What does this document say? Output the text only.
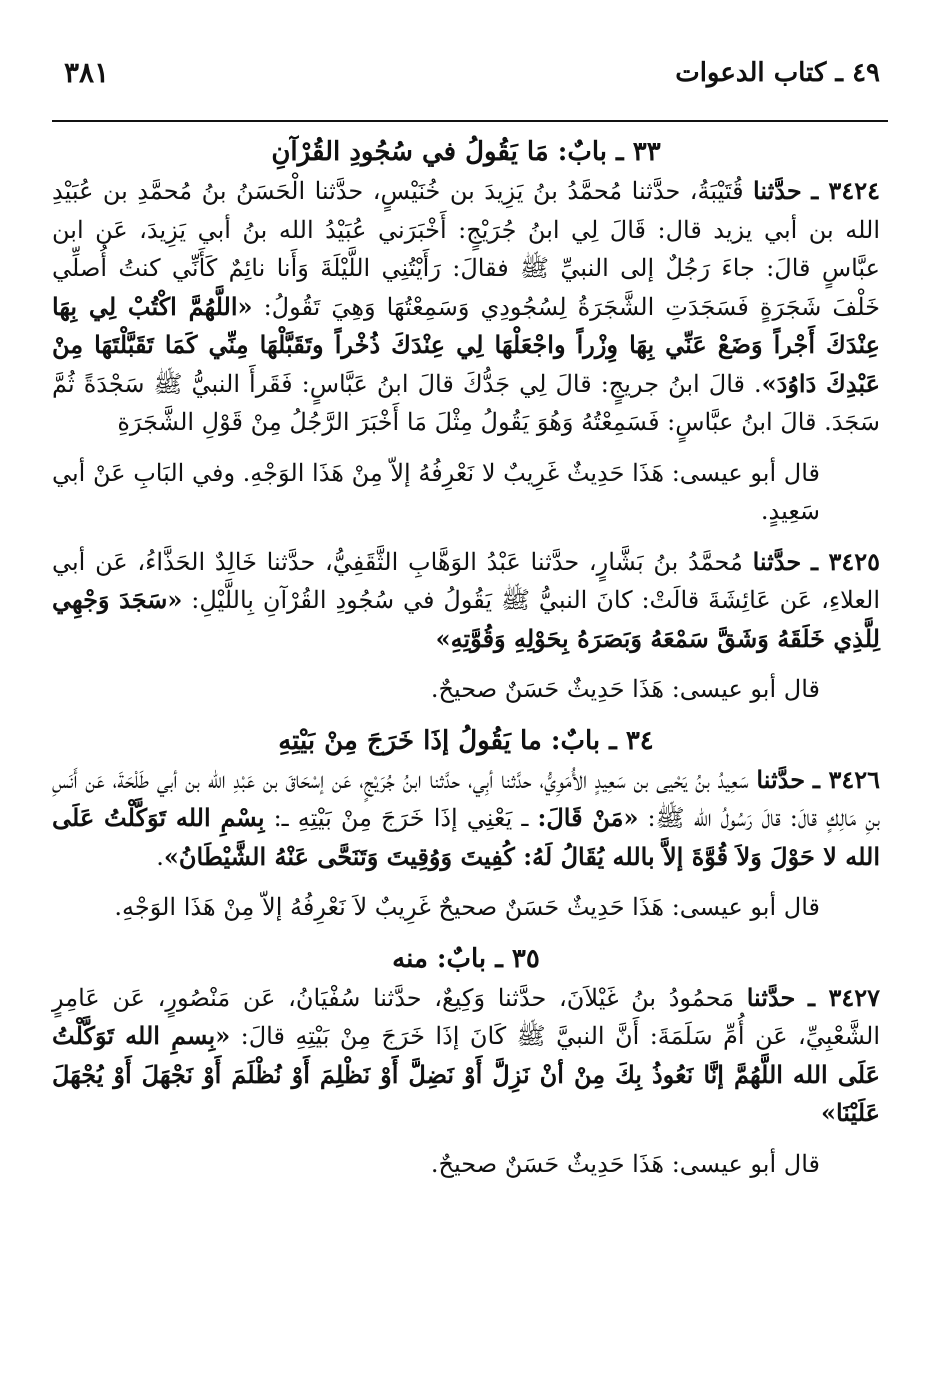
٤٩ ـ كتاب الدعوات
٣٨١
٣٣ ـ بابٌ: مَا يَقُولُ في سُجُودِ القُرْآنِ

٣٤٢٤ ـ حدَّثنا قُتَيْبَةُ، حدَّثنا مُحمَّدُ بنُ يَزِيدَ بن خُنَيْسٍ، حدَّثنا الْحَسَنُ بنُ مُحمَّدِ بن عُبَيْدِ الله بن أبي يزيد قال: قَالَ لِي ابنُ جُرَيْجٍ: أَخْبَرَني عُبَيْدُ الله بنُ أبي يَزِيدَ، عَن ابن عبَّاسٍ قالَ: جاءَ رَجُلٌ إلى النبيِّ ﷺ فقالَ: رَأَيْتُنِي اللَّيْلَةَ وَأَنا نائِمٌ كَأَنِّي كنتُ أُصلِّي خَلْفَ شَجَرَةٍ فَسَجَدَتِ الشَّجَرَةُ لِسُجُودِي وَسَمِعْتُهَا وَهِيَ تَقُولُ: «اللَّهُمَّ اكْتُبْ لِي بِهَا عِنْدَكَ أَجْراً وَضَعْ عَنِّي بِهَا وِزْراً واجْعَلْهَا لِي عِنْدَكَ ذُخْراً وتَقَبَّلْهَا مِنِّي كَمَا تَقَبَّلْتَهَا مِنْ عَبْدِكَ دَاوُدَ». قالَ ابنُ جريجٍ: قالَ لِي جَدُّكَ قالَ ابنُ عَبَّاسٍ: فَقَرأَ النبيُّ ﷺ سَجْدَةً ثُمَّ سَجَدَ. قالَ ابنُ عبَّاسٍ: فَسَمِعْتُهُ وَهُوَ يَقُولُ مِثْلَ مَا أَخْبَرَ الرَّجُلُ مِنْ قَوْلِ الشَّجَرَةِ

قال أبو عيسى: هَذَا حَدِيثٌ غَرِيبٌ لا نَعْرِفُهُ إلاّ مِنْ هَذَا الوَجْهِ. وفي البَابِ عَنْ أبي سَعِيدٍ.

٣٤٢٥ ـ حدَّثنا مُحمَّدُ بنُ بَشَّارٍ، حدَّثنا عَبْدُ الوَهَّابِ الثَّقَفِيُّ، حدَّثنا خَالِدٌ الحَذَّاءُ، عَن أبي العلاءِ، عَن عَائِشَةَ قالَتْ: كانَ النبيُّ ﷺ يَقُولُ في سُجُودِ القُرْآنِ بِاللَّيْلِ: «سَجَدَ وَجْهِي لِلَّذِي خَلَقَهُ وَشَقَّ سَمْعَهُ وَبَصَرَهُ بِحَوْلِهِ وَقُوَّتِهِ»

قال أبو عيسى: هَذَا حَدِيثٌ حَسَنٌ صحيحٌ.

٣٤ ـ بابٌ: ما يَقُولُ إذَا خَرَجَ مِنْ بَيْتِهِ

٣٤٢٦ ـ حدَّثنا سَعِيدُ بنُ يَحْيى بن سَعِيدٍ الأُمَوِيُّ، حدَّثنا أبِي، حدَّثنا ابنُ جُرَيْجٍ، عَن إسْحَاقَ بن عَبْدِ الله بن أبي طَلْحَةَ، عَن أَنَسِ بنِ مَالِكٍ قالَ: قالَ رَسُولُ الله ﷺ: «مَنْ قَالَ: ـ يَعْنِي إذَا خَرَجَ مِنْ بَيْتِهِ ـ: بِسْمِ الله تَوَكَّلْتُ عَلَى الله لا حَوْلَ وَلاَ قُوَّةَ إلاَّ بالله يُقَالُ لَهُ: كُفِيتَ وَوُقِيتَ وَتَنَحَّى عَنْهُ الشَّيْطَانُ».

قال أبو عيسى: هَذَا حَدِيثٌ حَسَنٌ صحيحٌ غَرِيبٌ لاَ نَعْرِفُهُ إلاّ مِنْ هَذَا الوَجْهِ.

٣٥ ـ بابٌ: منه

٣٤٢٧ ـ حدَّثنا مَحمُودُ بنُ غَيْلاَنَ، حدَّثنا وَكِيعٌ، حدَّثنا سُفْيَانُ، عَن مَنْصُورٍ، عَن عَامِرٍ الشَّعْبِيِّ، عَن أُمِّ سَلَمَةَ: أَنَّ النبيَّ ﷺ كَانَ إذَا خَرَجَ مِنْ بَيْتِهِ قالَ: «بِسمِ الله تَوَكَّلْتُ عَلَى الله اللَّهُمَّ إنَّا نَعُوذُ بِكَ مِنْ أنْ نَزِلَّ أَوْ نَضِلَّ أَوْ نَظْلِمَ أَوْ نُظْلَمَ أَوْ نَجْهَلَ أَوْ يُجْهَلَ عَلَيْنَا»

قال أبو عيسى: هَذَا حَدِيثٌ حَسَنٌ صحيحٌ.
